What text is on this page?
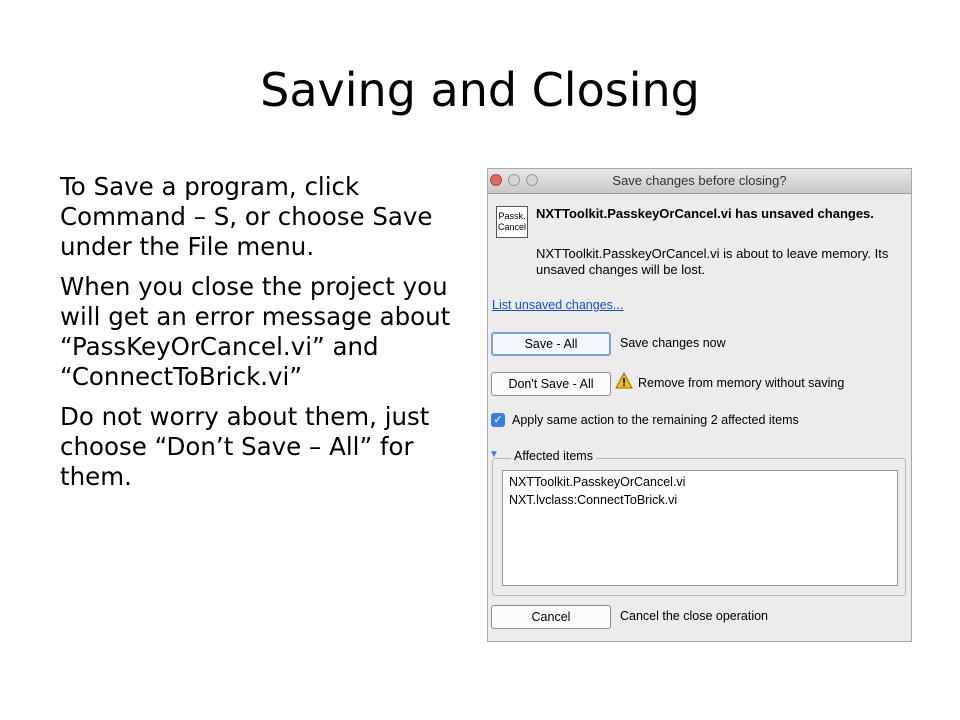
Saving and Closing

To Save a program, click Command – S, or choose Save under the File menu.

When you close the project you will get an error message about “PassKeyOrCancel.vi” and “ConnectToBrick.vi”

Do not worry about them, just choose “Don’t Save – All” for them.

Save changes before closing?
Passk.
Cancel
NXTToolkit.PasskeyOrCancel.vi has unsaved changes.
NXTToolkit.PasskeyOrCancel.vi is about to leave memory. Its unsaved changes will be lost.
List unsaved changes...
Save - All	Save changes now
Don't Save - All	Remove from memory without saving
✓ Apply same action to the remaining 2 affected items
▼ Affected items
NXTToolkit.PasskeyOrCancel.vi
NXT.lvclass:ConnectToBrick.vi
Cancel	Cancel the close operation
